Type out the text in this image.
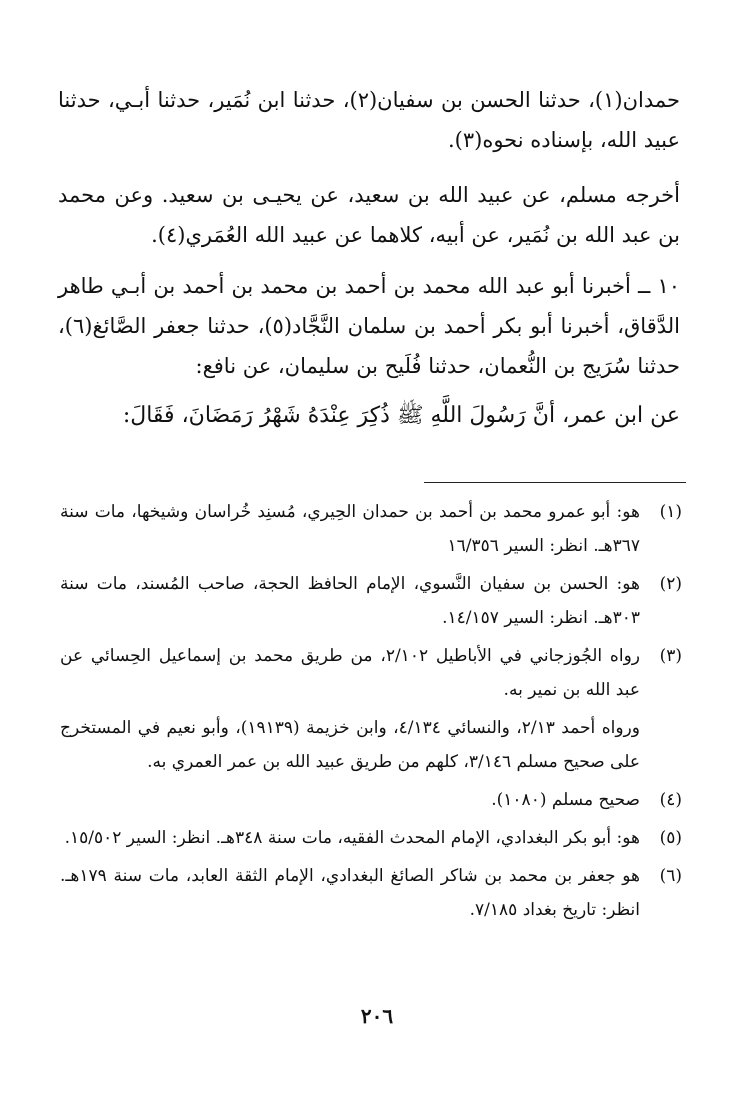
حمدان(١)، حدثنا الحسن بن سفيان(٢)، حدثنا ابن نُمَير، حدثنا أبـي، حدثنا عبيد الله، بإسناده نحوه(٣).

أخرجه مسلم، عن عبيد الله بن سعيد، عن يحيـى بن سعيد. وعن محمد بن عبد الله بن نُمَير، عن أبيه، كلاهما عن عبيد الله العُمَري(٤).

١٠ ــ أخبرنا أبو عبد الله محمد بن أحمد بن محمد بن أحمد بن أبـي طاهر الدَّقاق، أخبرنا أبو بكر أحمد بن سلمان النَّجَّاد(٥)، حدثنا جعفر الصَّائغ(٦)، حدثنا سُرَيج بن النُّعمان، حدثنا فُلَيح بن سليمان، عن نافع:

عن ابن عمر، أنَّ رَسُولَ اللَّهِ ﷺ ذُكِرَ عِنْدَهُ شَهْرُ رَمَضَانَ، فَقَالَ:

(١)
هو: أبو عمرو محمد بن أحمد بن حمدان الحِيري، مُسنِد خُراسان وشيخها، مات سنة ٣٦٧هـ. انظر: السير ١٦/٣٥٦
(٢)
هو: الحسن بن سفيان النَّسوي، الإمام الحافظ الحجة، صاحب المُسند، مات سنة ٣٠٣هـ. انظر: السير ١٤/١٥٧.
(٣)
رواه الجُوزجاني في الأباطيل ٢/١٠٢، من طريق محمد بن إسماعيل الحِسائي عن عبد الله بن نمير به.
ورواه أحمد ٢/١٣، والنسائي ٤/١٣٤، وابن خزيمة (١٩١٣٩)، وأبو نعيم في المستخرج على صحيح مسلم ٣/١٤٦، كلهم من طريق عبيد الله بن عمر العمري به.
(٤)
صحيح مسلم (١٠٨٠).
(٥)
هو: أبو بكر البغدادي، الإمام المحدث الفقيه، مات سنة ٣٤٨هـ. انظر: السير ١٥/٥٠٢.
(٦)
هو جعفر بن محمد بن شاكر الصائغ البغدادي، الإمام الثقة العابد، مات سنة ١٧٩هـ. انظر: تاريخ بغداد ٧/١٨٥.
٢٠٦
